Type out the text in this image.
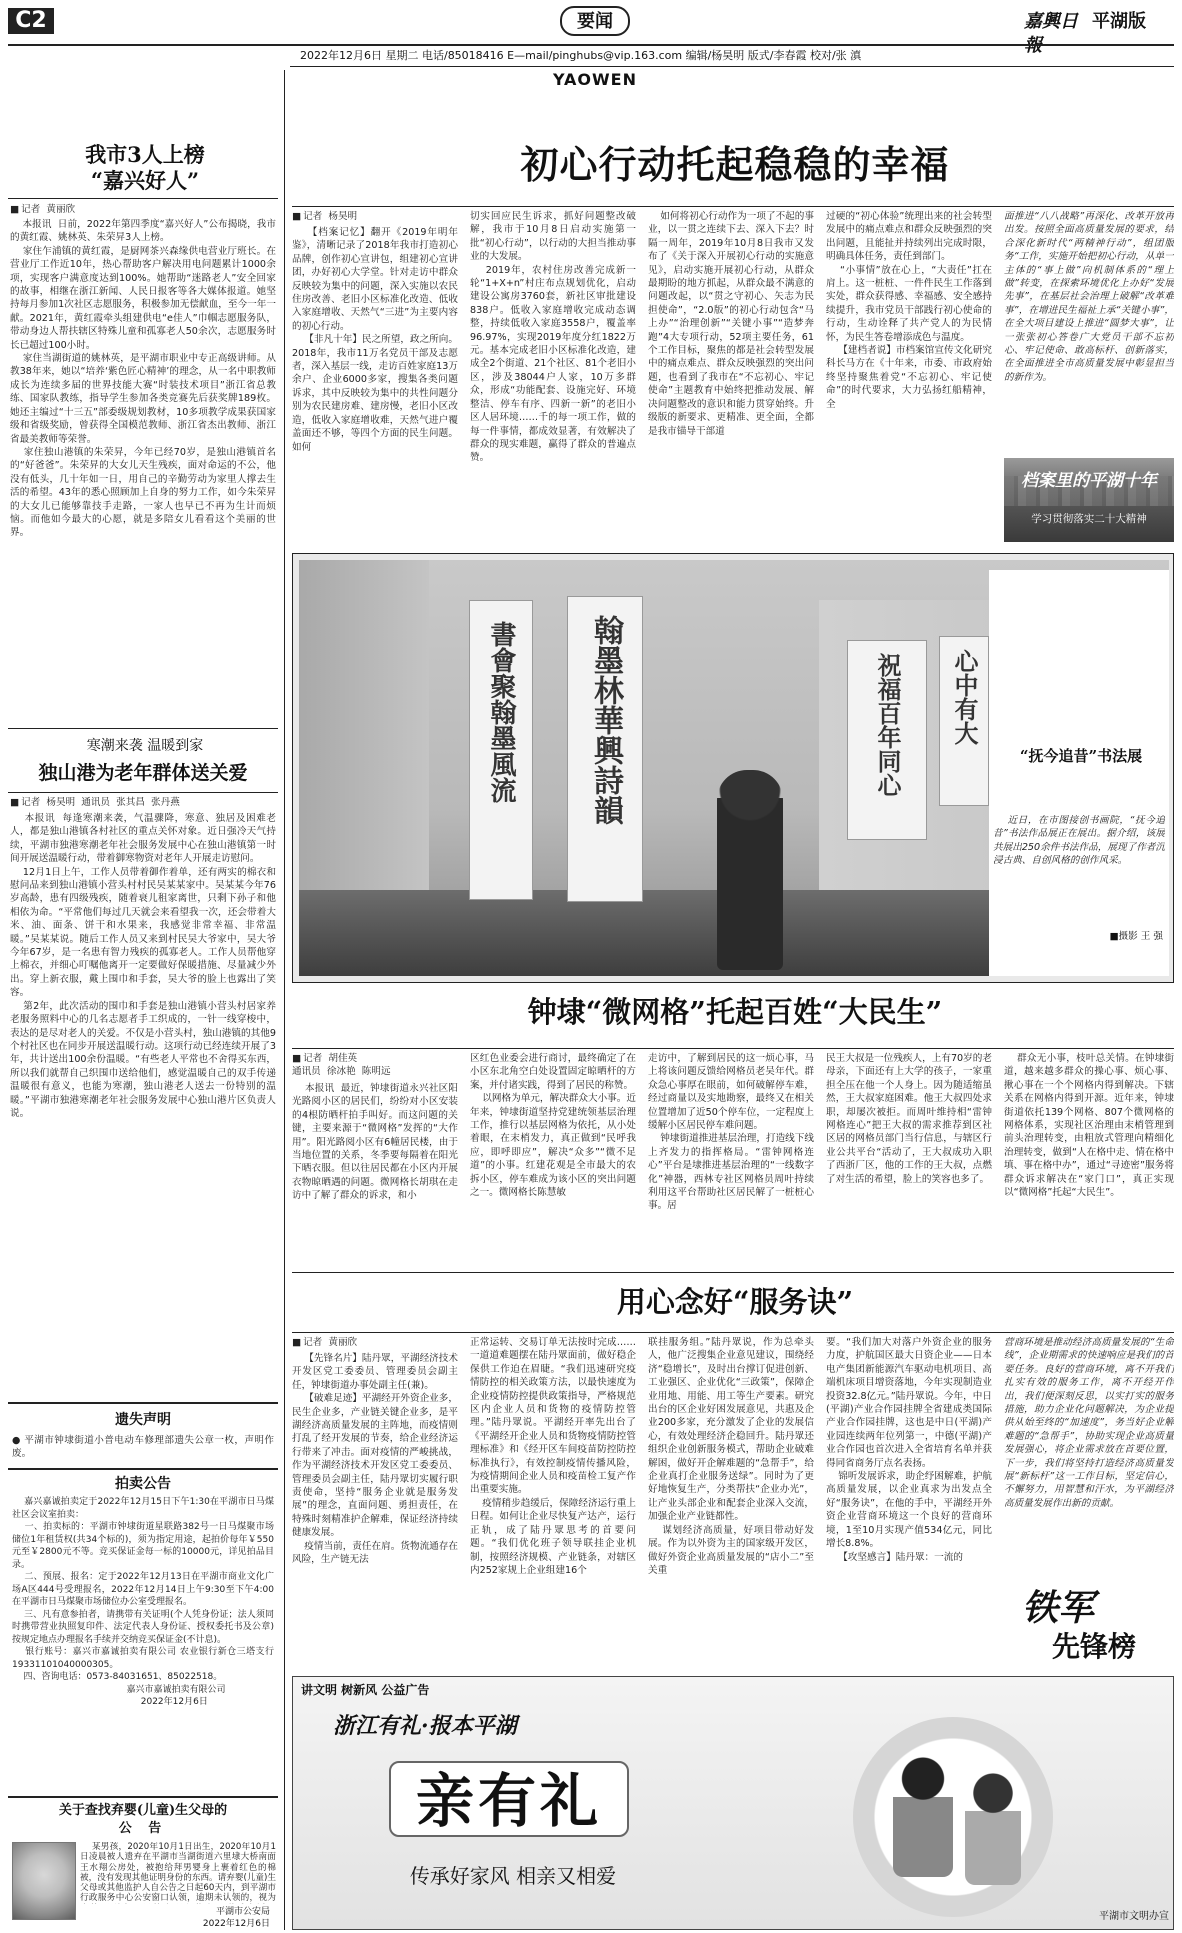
C2	要闻	嘉興日報
平湖版
2022年12月6日 星期二 电话/85018416 E—mail/pinghubs@vip.163.com 编辑/杨昊明 版式/李春霞 校对/张 滇
YAOWEN
我市3人上榜
“嘉兴好人”
■ 记者  黄丽欣
本报讯  日前，2022年第四季度“嘉兴好人”公布揭晓，我市的黄红霞、姚林英、朱荣昇3人上榜。
家住乍浦镇的黄红霞，是厨网茶兴森缘供电营业厅班长。在营业厅工作近10年，热心帮助客户解决用电问题累计1000余项，实现客户满意度达到100%。她帮助“迷路老人”安全回家的故事，相继在浙江新闻、人民日报客等各大媒体报道。她坚持每月参加1次社区志愿服务，积极参加无偿献血，至今一年一献。2021年，黄红霞牵头组建供电“e佳人”巾帼志愿服务队，带动身边人帮扶辖区特殊儿童和孤寡老人50余次，志愿服务时长已超过100小时。
家住当湖街道的姚林英，是平湖市职业中专正高级讲师。从教38年来，她以“培养‘紫色匠心精神’的理念，从一名中职教师成长为连续多届的世界技能大赛“时装技术项目”浙江省总教练、国家队教练，指导学生参加各类竞赛先后获奖牌189枚。她还主编过“十三五”部委级规划教材，10多项教学成果获国家级和省级奖励，曾获得全国模范教师、浙江省杰出教师、浙江省最美教师等荣誉。
家住独山港镇的朱荣昇，今年已经70岁，是独山港镇首名的“好爸爸”。朱荣昇的大女儿天生残疾，面对命运的不公，他没有低头，几十年如一日，用自己的辛勤劳动为家里人撑去生活的希望。43年的悉心照顾加上自身的努力工作，如今朱荣昇的大女儿已能够靠技手走路，一家人也早已不再为生计而烦恼。而他如今最大的心愿，就是多陪女儿看看这个美丽的世界。
寒潮来袭 温暖到家
独山港为老年群体送关爱
■ 记者  杨昊明  通讯员  张其昌  张丹燕
本报讯  每逢寒潮来袭，气温骤降，寒意、独居及困难老人，都是独山港镇各村社区的重点关怀对象。近日强冷天气持续，平湖市独港寒潮老年社会服务发展中心在独山港镇第一时间开展送温暖行动，带着御寒物资对老年人开展走访慰问。
12月1日上午，工作人员带着御作着单，还有两实的棉衣和慰问品来到独山港镇小营头村村民吴某某家中。吴某某今年76岁高龄，患有四级残疾，随着衰儿租家离世，只剩下孙子和他相依为命。“平常他们每过几天就会来看望我一次，还会带着大米、油、面条、饼干和水果来，我感觉非常幸福、非常温暖。”吴某某说。随后工作人员又来到村民吴大爷家中，吴大爷今年67岁，是一名患有智力残疾的孤寡老人。工作人员帮他穿上棉衣，并细心叮嘱他离开一定要做好保暖措施、尽量减少外出。穿上新衣服，戴上围巾和手套，吴大爷的脸上也露出了笑容。
第2年，此次活动的围巾和手套是独山港镇小营头村居家养老服务照料中心的几名志愿者手工织成的，一针一线穿梭中，表达的是尽对老人的关爱。不仅是小营头村，独山港镇的其他9个村社区也在同步开展送温暖行动。这项行动已经连续开展了3年，共计送出100余份温暖。“有些老人平常也不舍得买东西，所以我们就帮自己织围巾送给他们，感觉温暖自己的双手传递温暖很有意义，也能为寒潮，独山港老人送去一份特别的温暖。”平湖市独港寒潮老年社会服务发展中心独山港片区负责人说。
遗失声明
● 平湖市钟埭街道小普电动车修理部遗失公章一枚，声明作废。
拍卖公告
嘉兴嘉诚拍卖定于2022年12月15日下午1:30在平湖市日马煤社区会议室拍卖：
一、拍卖标的：平湖市钟埭街道星联路382号一日马煤聚市场储位1年租赁权(共34个标的)，须为指定用途，起拍价每年￥550元至￥2800元不等。竞买保证金每一标的10000元，详见拍品目录。
二、预展、报名：定于2022年12月13日在平湖市商业文化广场A区444号受理报名，2022年12月14日上午9:30至下午4:00在平湖市日马煤聚市场储位办公室受理报名。
三、凡有意参拍者，请携带有关证明(个人凭身份证；法人须同时携带营业执照复印件、法定代表人身份证、授权委托书及公章)按规定地点办理报名手续并交纳竞买保证金(不计息)。
银行账号：嘉兴市嘉诚拍卖有限公司 农业银行新仓三塔支行 19331101040000305。
四、咨询电话：0573-84031651、85022518。
嘉兴市嘉诚拍卖有限公司
2022年12月6日
关于查找弃婴(儿童)生父母的
公 告
某男孩，2020年10月1日出生，2020年10月1日凌晨被人遗弃在平湖市当湖街道六里埭大桥南面王水翔公房处，被抱给拜男婴身上裹着红色的棉被，没有发现其他证明身份的东西。请弃婴(儿童)生父母或其他监护人自公告之日起60天内，到平湖市行政服务中心公安窗口认领，逾期未认领的，视为
平湖市公安局
2022年12月6日
初心行动托起稳稳的幸福
■ 记者  杨昊明
【档案记忆】翻开《2019年明年鉴》，清晰记录了2018年我市打造初心品牌，创作初心宣讲包，组建初心宣讲团，办好初心大学堂。针对走访中群众反映较为集中的问题，深入实施以农民住房改善、老旧小区标准化改造、低收入家庭增收、天然气“三进”为主要内容的初心行动。
【非凡十年】民之所望，政之所向。2018年，我市11万名党员干部及志愿者，深入基层一线，走访百姓家庭13万余户、企业6000多家，搜集各类问题诉求，其中反映较为集中的共性问题分别为农民建房难、建房慢，老旧小区改造，低收入家庭增收难，天然气进户覆盖面还不够，等四个方面的民生问题。如何
切实回应民生诉求，抓好问题整改破解，我市于10月8日启动实施第一批“初心行动”，以行动的大担当推动事业的大发展。
2019年，农村住房改善完成新一轮“1+X+n”村庄布点规划优化，启动建设公寓房3760套，新社区审批建设838户。低收入家庭增收完成动态调整，持续低收入家庭3558户，覆盖率96.97%，实现2019年度分红1822万元。基本完成老旧小区标准化改造，建成全2个街道、21个社区、81个老旧小区，涉及38044户人家，10万多群众，形成“功能配套、设施完好、环境整洁、停车有序、四新一新”的老旧小区人居环境……千的每一项工作，做的每一件事情，都成效显著，有效解决了群众的现实难题，赢得了群众的普遍点赞。
如何将初心行动作为一项了不起的事业，以一贯之连续下去、深入下去？时隔一周年，2019年10月8日我市又发布了《关于深入开展初心行动的实施意见》，启动实施开展初心行动，从群众最期盼的地方抓起，从群众最不满意的问题改起，以“贯之守初心、矢志为民担使命”，“2.0版”的初心行动包含“马上办”“治理创新”“关键小事”“造梦奔跑”4大专项行动，52项主要任务，61个工作目标，聚焦的都是社会转型发展中的痛点难点、群众反映强烈的突出问题，也看到了我市在“不忘初心、牢记使命”主题教育中始终把推动发展、解决问题整改的意识和能力贯穿始终。升级版的新要求、更精准、更全面，全都是我市锚导干部道
过硬的“初心体验”统理出来的社会转型发展中的痛点难点和群众反映强烈的突出问题，且能扯并持续列出完成时限，明确具体任务，责任到部门。
“小事情”放在心上，“大责任”扛在肩上。这一桩桩、一件件民生工作落到实处，群众获得感、幸福感、安全感持续提升，我市党员干部践行初心使命的行动，生动诠释了共产党人的为民情怀，为民生答卷增添成色与温度。
【建档者说】市档案馆宣传文化研究科长马方在《十年来，市委、市政府始终坚持聚焦着党“不忘初心、牢记使命”的时代要求，大力弘扬红船精神，全
面推进“八八战略”再深化、改革开放再出发。按照全面高质量发展的要求，结合深化新时代“两精神行动”，组团服务“工作，实施开始把初心行动，从单一主体的“事上做”向机制体系的“理上做”转变，在探索环境优化上办好“发展先事”，在基层社会治理上破解“改革难事”，在增进民生福祉上承“关键小事”，在全大项目建设上推进“圆梦大事”，让一张张初心答卷广大党员干部不忘初心、牢记使命、敢高标杆、创新落实，在全面推进全市高质量发展中彰显担当的新作为。
档案里的平湖十年
学习贯彻落实二十大精神
書會聚翰墨風流 翰墨林華興詩韻	祝福百年同心 心中有大
“抚今追昔”书法展
近日，在市图接创书画院，“抚今追昔”书法作品展正在展出。据介绍，该展共展出250余件书法作品，展现了作者沉浸古典、自创风格的创作风采。
■摄影 王 强
钟埭“微网格”托起百姓“大民生”
■ 记者  胡佳英
通讯员  徐冰艳  陈明远
本报讯  最近，钟埭街道永兴社区阳光路阅小区的居民们，纷纷对小区安装的4根防晒杆拍手叫好。而这问题的关键，主要来源于“微网格”发挥的“大作用”。阳光路阅小区有6幢居民楼，由于当地位置的关系，冬季要每隔着在阳光下晒衣服。但以往居民都在小区内开展衣物晾晒遇的问题。微网格长胡琪在走访中了解了群众的诉求，和小
区红色业委会进行商讨，最终确定了在小区东北角空白处设置固定晾晒杆的方案，并付诸实践，得到了居民的称赞。
以网格为单元，解决群众大小事。近年来，钟埭街道坚持党建统领基层治理工作，推行以基层网格为依托，从小处着眼，在末梢发力，真正做到“民呼我应，即呼即应”，解决“众多”“微不足道”的小事。红建花观是全市最大的农拆小区，停车难成为该小区的突出问题之一。微网格长陈慧敏
走访中，了解到居民的这一烦心事，马上将该问题反馈给网格员老吴年代。群众急心事厚在眼前，如何破解停车难，经过商量以及实地勘察，最终又在相关位置增加了近50个停车位，一定程度上缓解小区居民停车难问题。
钟埭街道推进基层治理，打造线下线上齐发力的指挥格局。“雷钟网格连心”平台是埭推进基层治理的“一线数字化”神器，西林专社区网格员周叶持续利用这平台帮助社区居民解了一桩桩心事。居
民王大叔是一位残疾人，上有70岁的老母亲，下面还有上大学的孩子，一家重担全压在他一个人身上。因为随适缩虽然，王大叔家庭困难。他王大叔四处求职，却屡次被拒。而周叶维持相“雷钟网格连心”把王大叔的需求推荐到区社区居的网格员部门当行信息，与辖区行业公共平台“活动了，王大叔成功入职了西浙厂区，他的工作的王大叔，点燃了对生活的希望，脸上的笑容也多了。
群众无小事，枝叶总关情。在钟埭街道，越来越多群众的操心事、烦心事、揪心事在一个个网格内得到解决。下辖关系在网格内得到开源。近年来，钟埭街道依托139个网格、807个微网格的网格体系，实现社区治理由末梢管理到前头治理转变，由粗放式管理向精细化治理转变，做到“人在格中走、情在格中填、事在格中办”，通过“寻迹密”服务将群众诉求解决在“家门口”，真正实现以“微网格”托起“大民生”。
用心念好“服务诀”
■ 记者  黄丽欣
【先锋名片】陆丹眾，平湖经济技术开发区党工委委员、管理委员会副主任，钟埭街道办事处副主任(兼)。
【破难足迹】平湖经开外资企业多，民生企业多，产业链关键企业多，是平湖经济高质量发展的主阵地，而疫情则打乱了经开发展的节奏，给企业经济运行带来了冲击。面对疫情的严峻挑战，作为平湖经济技术开发区党工委委员、管理委员会副主任，陆丹眾切实履行职责使命，坚持“服务企业就是服务发展”的理念，直面问题、勇担责任，在特殊时刻精准护企解难，保证经济持续健康发展。
疫情当前，责任在肩。货物流通存在风险，生产链无法
正常运转、交易订单无法按时完成……一道道难题摆在陆丹眾面前，做好稳企保供工作迫在眉睫。“我们迅速研究疫情防控的相关政策方法，以最快速度为企业疫情防控提供政策指导，严格规范区内企业人员和货物的疫情防控管理。”陆丹眾说。平湖经开率先出台了《平湖经开企业人员和货物疫情防控管理标准》和《经开区车间疫苗防控防控标准执行》，有效控制疫情传播风险，为疫情期间企业人员和疫苗检工复产作出重要实施。
疫情稍步趋缓后，保障经济运行重上日程。如何让企业尽快复产达产，运行正轨，成了陆丹眾思考的首要问题。“我们优化班子领导联挂企业机制，按照经济规模、产业链条，对辖区内252家规上企业组建16个
联挂服务组。”陆丹眾说，作为总牵头人，他广泛搜集企业意见建议，围绕经济“稳增长”，及时出台撑订促进创新、工业强区、企业优化“三政策”，保障企业用地、用能、用工等生产要素。研究出台的区企业好困发展意见，共惠及企业200多家，充分激发了企业的发展信心，有效处理经济企稳回升。陆丹眾还组织企业创新服务模式，帮助企业破难解困，做好开企解难题的“急帮手”，给企业真打企业服务送绿”。同时为了更好地恢复生产，分类帮扶“企业办光”，让产业头部企业和配套企业深入交流，加强企业产业链都性。
谋划经济高质量，好项目带动好发展。作为以外资为主的国家级开发区，做好外资企业高质量发展的“店小二”至关重
要。“我们加大对落户外资企业的服务力度，护航国区最大日资企业——日本电产集团新能源汽车驱动电机项目、高端机床项目增资落地，今年实现制造业投资32.8亿元。”陆丹眾说。今年，中日(平湖)产业合作园挂牌全省建成类国际产业合作园挂牌，这也是中日(平湖)产业园连续两年位列第一，中德(平湖)产业合作园也首次进入全省培育名单并获得同省商务厅点名表扬。
锦听发展诉求，助企纾困解难，护航高质量发展，以企业真求为出发点全好“服务诀”，在他的手中，平湖经开外资企业营商环境这一个良好的营商环境，1至10月实现产值534亿元，同比增长8.8%。
【攻坚感言】陆丹眾：一流的
营商环境是推动经济高质量发展的“生命线”，企业期需求的快速响应是我们的首要任务。良好的营商环境，离不开我们扎实有效的服务工作，离不开经开作出，我们便深刻反思，以实打实的服务措施，助力企业化问题解决，为企业提供从始至终的“加速度”，务当好企业解难题的“急帮手”，协助实现企业高质量发展强心，将企业需求放在首要位置，下一步，我们将坚持打造经济高质量发展“新标杆”这一工作目标，坚定信心，不懈努力，用智慧和汗水，为平湖经济高质量发展作出新的贡献。
铁军
先锋榜
讲文明 树新风 公益广告
浙江有礼·报本平湖
亲有礼
传承好家风 相亲又相爱
平湖市文明办宣
